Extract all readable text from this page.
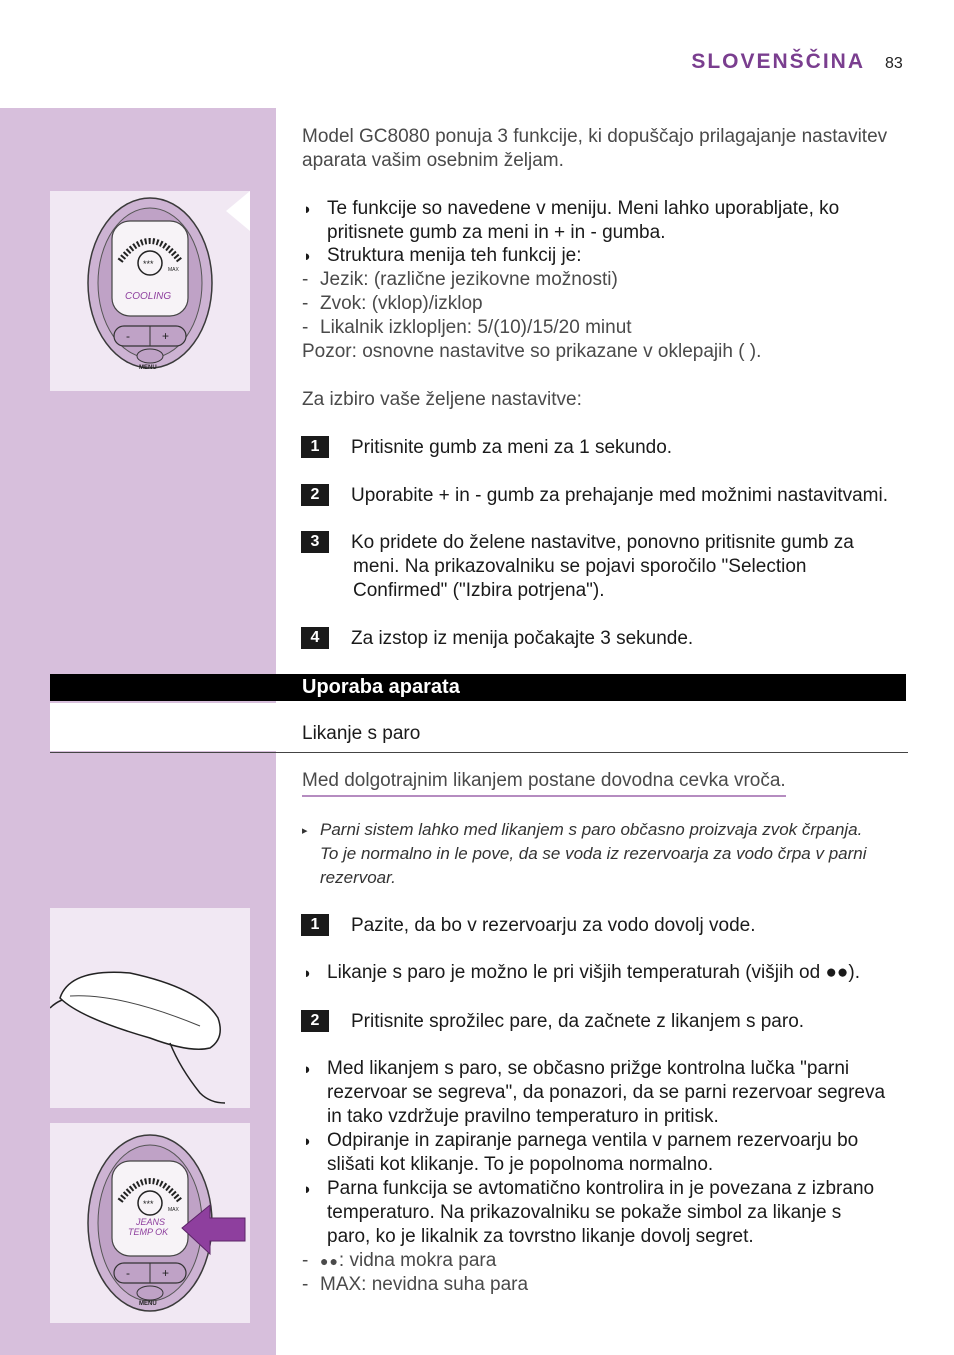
SLOVENŠČINA 83
***
MAX
COOLING
-	+
MENU
***
MAX
JEANS
TEMP OK
-	+
MENU
Model GC8080 ponuja 3 funkcije, ki dopuščajo prilagajanje nastavitev
aparata vašim osebnim željam.
◗ Te funkcije so navedene v meniju. Meni lahko uporabljate, ko
pritisnete gumb za meni in + in - gumba.
◗ Struktura menija teh funkcij je:
- Jezik: (različne jezikovne možnosti)
- Zvok: (vklop)/izklop
- Likalnik izklopljen: 5/(10)/15/20 minut
Pozor: osnovne nastavitve so prikazane v oklepajih ( ).
Za izbiro vaše željene nastavitve:
1	Pritisnite gumb za meni za 1 sekundo.
2	Uporabite + in - gumb za prehajanje med možnimi nastavitvami.
3	Ko pridete do želene nastavitve, ponovno pritisnite gumb za
meni. Na prikazovalniku se pojavi sporočilo "Selection
Confirmed" ("Izbira potrjena").
4	Za izstop iz menija počakajte 3 sekunde.
Uporaba aparata
Likanje s paro
Med dolgotrajnim likanjem postane dovodna cevka vroča.
▸ Parni sistem lahko med likanjem s paro občasno proizvaja zvok črpanja.
To je normalno in le pove, da se voda iz rezervoarja za vodo črpa v parni
rezervoar.
1	Pazite, da bo v rezervoarju za vodo dovolj vode.
◗ Likanje s paro je možno le pri višjih temperaturah (višjih od ●●).
2	Pritisnite sprožilec pare, da začnete z likanjem s paro.
◗ Med likanjem s paro, se občasno prižge kontrolna lučka "parni
rezervoar se segreva", da ponazori, da se parni rezervoar segreva
in tako vzdržuje pravilno temperaturo in pritisk.
◗ Odpiranje in zapiranje parnega ventila v parnem rezervoarju bo
slišati kot klikanje. To je popolnoma normalno.
◗ Parna funkcija se avtomatično kontrolira in je povezana z izbrano
temperaturo. Na prikazovalniku se pokaže simbol za likanje s
paro, ko je likalnik za tovrstno likanje dovolj segret.
- ●●: vidna mokra para
- MAX: nevidna suha para
